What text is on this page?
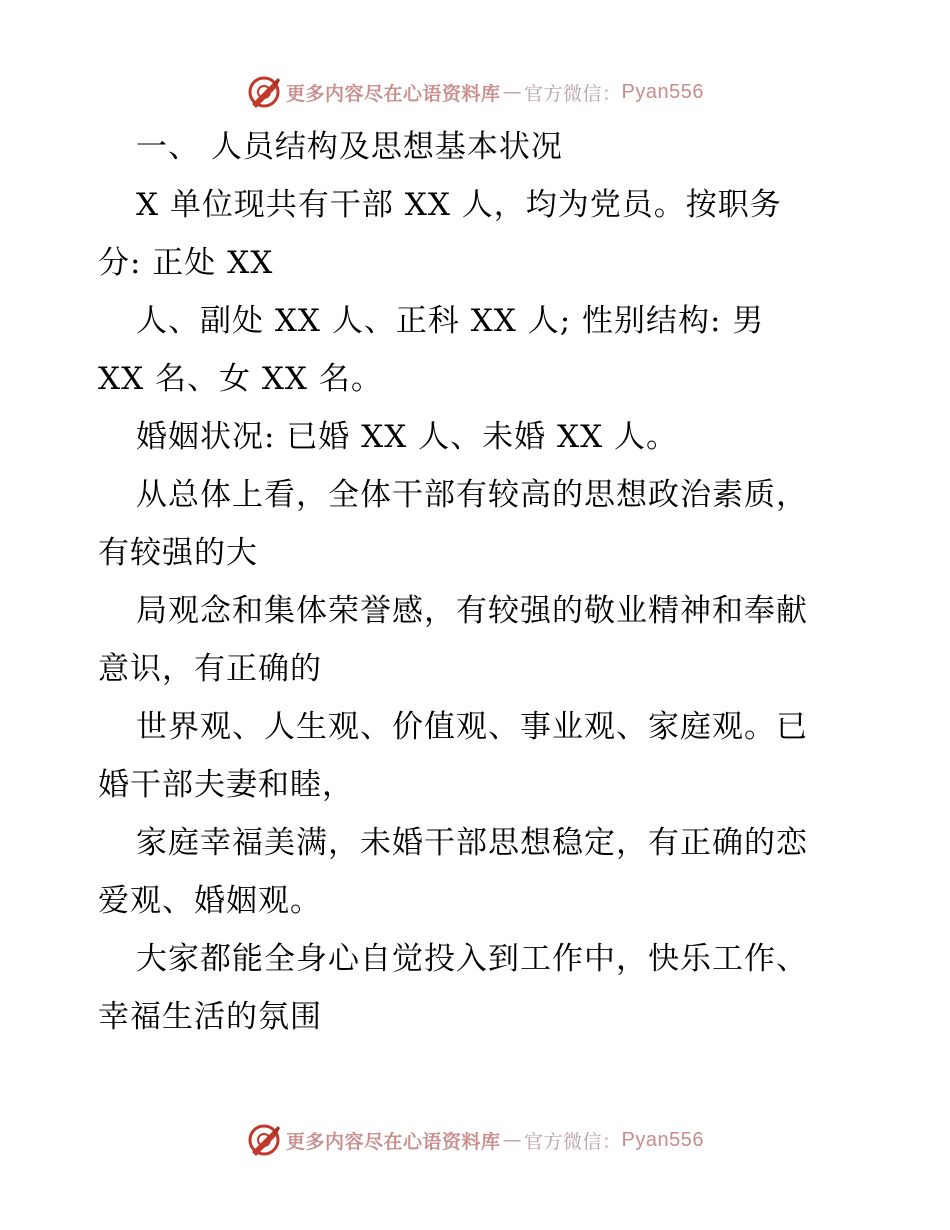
更多内容尽在心语资料库 — 官方微信： Pyan556
一、 人员结构及思想基本状况
X 单位现共有干部 XX 人，均为党员。按职务
分: 正处 XX
人、副处 XX 人、正科 XX 人; 性别结构: 男
XX 名、女 XX 名。
婚姻状况: 已婚 XX 人、未婚 XX 人。
从总体上看，全体干部有较高的思想政治素质，
有较强的大
局观念和集体荣誉感，有较强的敬业精神和奉献
意识，有正确的
世界观、人生观、价值观、事业观、家庭观。已
婚干部夫妻和睦，
家庭幸福美满，未婚干部思想稳定，有正确的恋
爱观、婚姻观。
大家都能全身心自觉投入到工作中，快乐工作、
幸福生活的氛围
更多内容尽在心语资料库 — 官方微信： Pyan556
